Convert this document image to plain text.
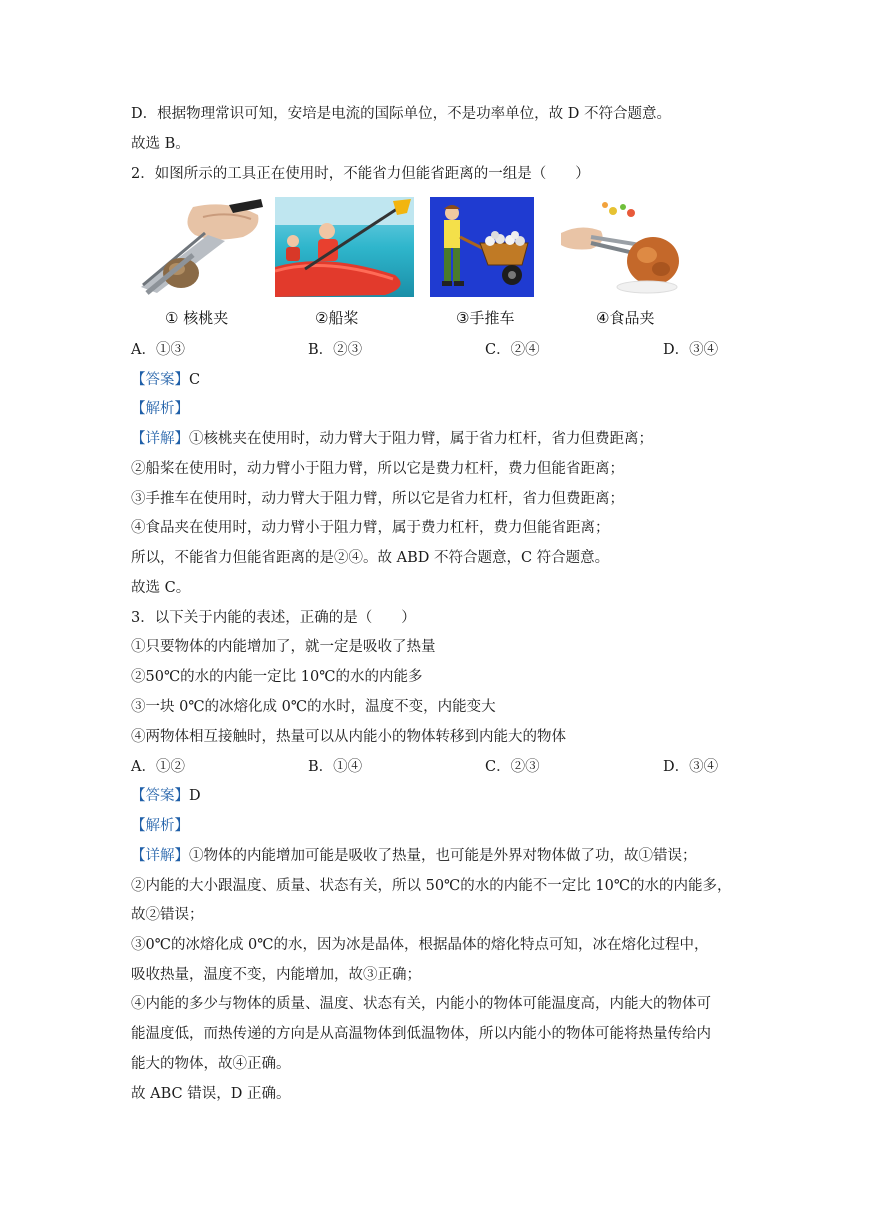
D．根据物理常识可知，安培是电流的国际单位，不是功率单位，故 D 不符合题意。
故选 B。
2．如图所示的工具正在使用时，不能省力但能省距离的一组是（　　）
① 核桃夹	②船桨	③手推车	④食品夹
A．①③	B．②③	C．②④	D．③④
【答案】C
【解析】
【详解】①核桃夹在使用时，动力臂大于阻力臂，属于省力杠杆，省力但费距离；
②船桨在使用时，动力臂小于阻力臂，所以它是费力杠杆，费力但能省距离；
③手推车在使用时，动力臂大于阻力臂，所以它是省力杠杆，省力但费距离；
④食品夹在使用时，动力臂小于阻力臂，属于费力杠杆，费力但能省距离；
所以，不能省力但能省距离的是②④。故 ABD 不符合题意，C 符合题意。
故选 C。
3．以下关于内能的表述，正确的是（　　）
①只要物体的内能增加了，就一定是吸收了热量
②50℃的水的内能一定比 10℃的水的内能多
③一块 0℃的冰熔化成 0℃的水时，温度不变，内能变大
④两物体相互接触时，热量可以从内能小的物体转移到内能大的物体
A．①②	B．①④	C．②③	D．③④
【答案】D
【解析】
【详解】①物体的内能增加可能是吸收了热量，也可能是外界对物体做了功，故①错误；
②内能的大小跟温度、质量、状态有关，所以 50℃的水的内能不一定比 10℃的水的内能多，
故②错误；
③0℃的冰熔化成 0℃的水，因为冰是晶体，根据晶体的熔化特点可知，冰在熔化过程中，
吸收热量，温度不变，内能增加，故③正确；
④内能的多少与物体的质量、温度、状态有关，内能小的物体可能温度高，内能大的物体可
能温度低，而热传递的方向是从高温物体到低温物体，所以内能小的物体可能将热量传给内
能大的物体，故④正确。
故 ABC 错误，D 正确。
